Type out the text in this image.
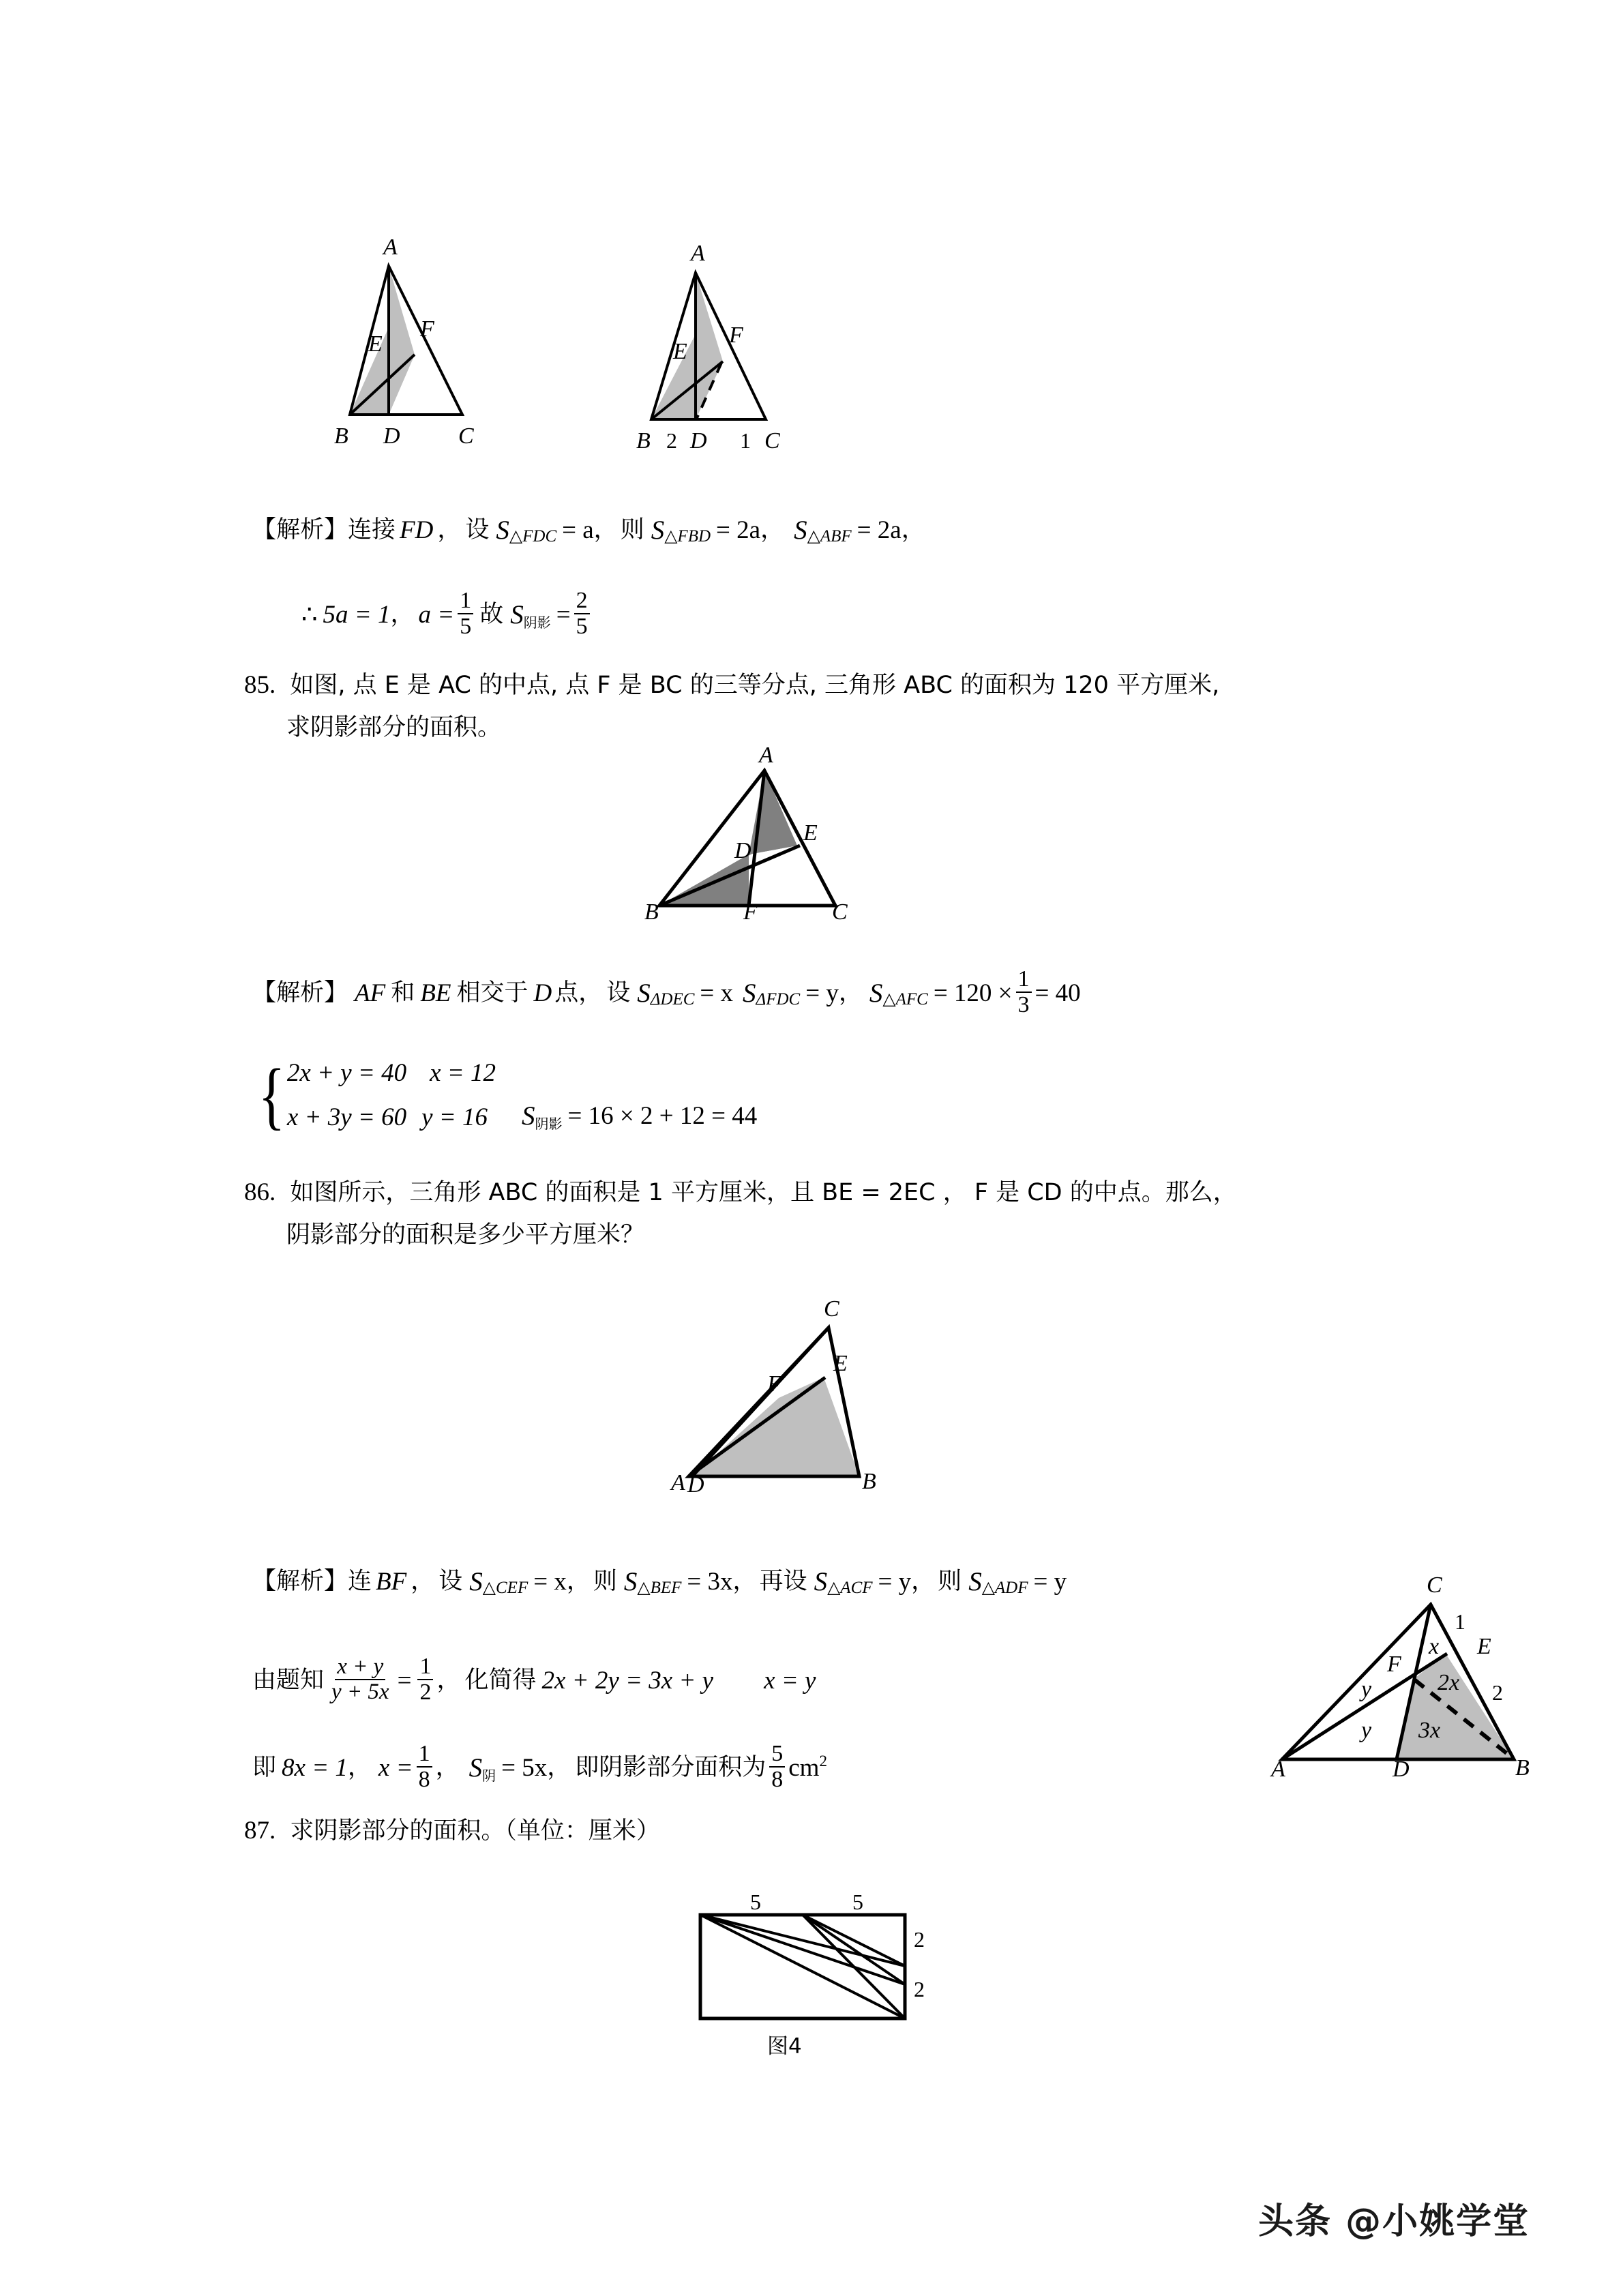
A
B	C
D
E
F
A
B	C
D
E
F
2	1
【解析】 连接 FD ， 设 S △FDC = a ， 则 S △FBD = 2a ， S △ABF = 2a ，
∴ 5a = 1 ， $a = \frac{1}{5}$ 故 S 阴影 = $\frac{2}{5}$
85. 如图, 点 E 是 AC 的中点, 点 F 是 BC 的三等分点, 三角形 ABC 的面积为 120 平方厘米,
求阴影部分的面积。
A
B	C
D
E
F
【解析】 AF 和 BE 相交于 D 点， 设 S ΔDEC = x S ΔFDC = y ， S △AFC = $120 \times \frac{1}{3} = 40$
{ 2x + y = 40 x = 12
x + 3y = 60 y = 16 S 阴影 = 16 × 2 + 12 = 44
86. 如图所示，三角形 ABC 的面积是 1 平方厘米，且 BE = 2EC ， F 是 CD 的中点。那么，
阴影部分的面积是多少平方厘米？
C
A	B
D
E
F
【解析】 连 BF ， 设 S △CEF = x ， 则 S △BEF = 3x ， 再设 S △ACF = y ， 则 S △ADF = y
由题知 $\frac{x + y}{y + 5x} = \frac{1}{2}$ ， 化简得 2x + 2y = 3x + y x = y
即 8x = 1 ， $x = \frac{1}{8}$ ， S 阴 = 5x ， 即阴影部分面积为 $\frac{5}{8}$ cm 2
C
A	B
D
E
F
1
2
x
2x
3x
y
y
87. 求阴影部分的面积。（单位：厘米）
5	5
2
2
图4
头条 @小姚学堂
